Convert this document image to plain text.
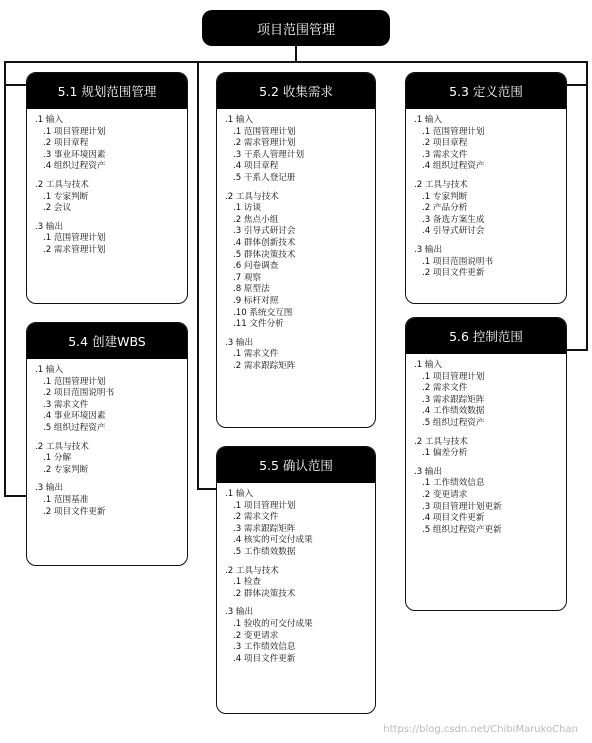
项目范围管理
5.1 规划范围管理
.1 输入
.1 项目管理计划
.2 项目章程
.3 事业环境因素
.4 组织过程资产
.2 工具与技术
.1 专家判断
.2 会议
.3 输出
.1 范围管理计划
.2 需求管理计划
5.2 收集需求
.1 输入
.1 范围管理计划
.2 需求管理计划
.3 干系人管理计划
.4 项目章程
.5 干系人登记册
.2 工具与技术
.1 访谈
.2 焦点小组
.3 引导式研讨会
.4 群体创新技术
.5 群体决策技术
.6 问卷调查
.7 观察
.8 原型法
.9 标杆对照
.10 系统交互图
.11 文件分析
.3 输出
.1 需求文件
.2 需求跟踪矩阵
5.3 定义范围
.1 输入
.1 范围管理计划
.2 项目章程
.3 需求文件
.4 组织过程资产
.2 工具与技术
.1 专家判断
.2 产品分析
.3 备选方案生成
.4 引导式研讨会
.3 输出
.1 项目范围说明书
.2 项目文件更新
5.4 创建WBS
.1 输入
.1 范围管理计划
.2 项目范围说明书
.3 需求文件
.4 事业环境因素
.5 组织过程资产
.2 工具与技术
.1 分解
.2 专家判断
.3 输出
.1 范围基准
.2 项目文件更新
5.5 确认范围
.1 输入
.1 项目管理计划
.2 需求文件
.3 需求跟踪矩阵
.4 核实的可交付成果
.5 工作绩效数据
.2 工具与技术
.1 检查
.2 群体决策技术
.3 输出
.1 验收的可交付成果
.2 变更请求
.3 工作绩效信息
.4 项目文件更新
5.6 控制范围
.1 输入
.1 项目管理计划
.2 需求文件
.3 需求跟踪矩阵
.4 工作绩效数据
.5 组织过程资产
.2 工具与技术
.1 偏差分析
.3 输出
.1 工作绩效信息
.2 变更请求
.3 项目管理计划更新
.4 项目文件更新
.5 组织过程资产更新
https://blog.csdn.net/ChibiMarukoChan
